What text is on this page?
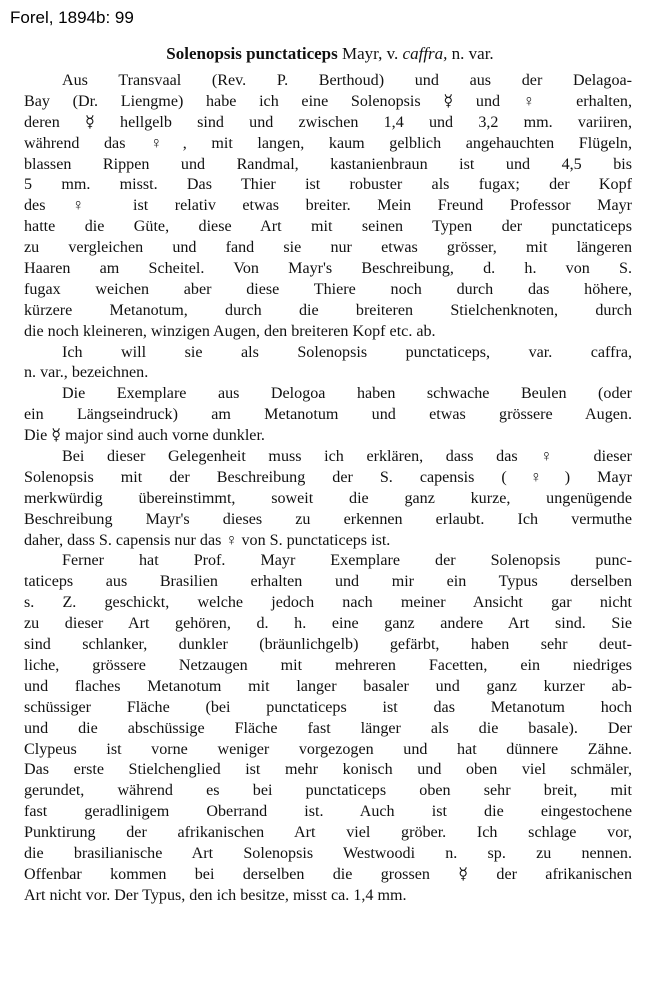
Forel, 1894b: 99
Solenopsis punctaticeps Mayr, v. caffra, n. var.
Aus Transvaal (Rev. P. Berthoud) und aus der Delagoa-
Bay (Dr. Liengme) habe ich eine Solenopsis ☿ und ♀ erhalten,
deren ☿ hellgelb sind und zwischen 1,4 und 3,2 mm. variiren,
während das ♀, mit langen, kaum gelblich angehauchten Flügeln,
blassen Rippen und Randmal, kastanienbraun ist und 4,5 bis
5 mm. misst. Das Thier ist robuster als fugax; der Kopf
des ♀ ist relativ etwas breiter. Mein Freund Professor Mayr
hatte die Güte, diese Art mit seinen Typen der punctaticeps
zu vergleichen und fand sie nur etwas grösser, mit längeren
Haaren am Scheitel. Von Mayr's Beschreibung, d. h. von S.
fugax weichen aber diese Thiere noch durch das höhere,
kürzere Metanotum, durch die breiteren Stielchenknoten, durch
die noch kleineren, winzigen Augen, den breiteren Kopf etc. ab.
Ich will sie als Solenopsis punctaticeps, var. caffra,
n. var., bezeichnen.
Die Exemplare aus Delogoa haben schwache Beulen (oder
ein Längseindruck) am Metanotum und etwas grössere Augen.
Die ☿ major sind auch vorne dunkler.
Bei dieser Gelegenheit muss ich erklären, dass das ♀ dieser
Solenopsis mit der Beschreibung der S. capensis (♀) Mayr
merkwürdig übereinstimmt, soweit die ganz kurze, ungenügende
Beschreibung Mayr's dieses zu erkennen erlaubt. Ich vermuthe
daher, dass S. capensis nur das ♀ von S. punctaticeps ist.
Ferner hat Prof. Mayr Exemplare der Solenopsis punc-
taticeps aus Brasilien erhalten und mir ein Typus derselben
s. Z. geschickt, welche jedoch nach meiner Ansicht gar nicht
zu dieser Art gehören, d. h. eine ganz andere Art sind. Sie
sind schlanker, dunkler (bräunlichgelb) gefärbt, haben sehr deut-
liche, grössere Netzaugen mit mehreren Facetten, ein niedriges
und flaches Metanotum mit langer basaler und ganz kurzer ab-
schüssiger Fläche (bei punctaticeps ist das Metanotum hoch
und die abschüssige Fläche fast länger als die basale). Der
Clypeus ist vorne weniger vorgezogen und hat dünnere Zähne.
Das erste Stielchenglied ist mehr konisch und oben viel schmäler,
gerundet, während es bei punctaticeps oben sehr breit, mit
fast geradlinigem Oberrand ist. Auch ist die eingestochene
Punktirung der afrikanischen Art viel gröber. Ich schlage vor,
die brasilianische Art Solenopsis Westwoodi n. sp. zu nennen.
Offenbar kommen bei derselben die grossen ☿ der afrikanischen
Art nicht vor. Der Typus, den ich besitze, misst ca. 1,4 mm.
